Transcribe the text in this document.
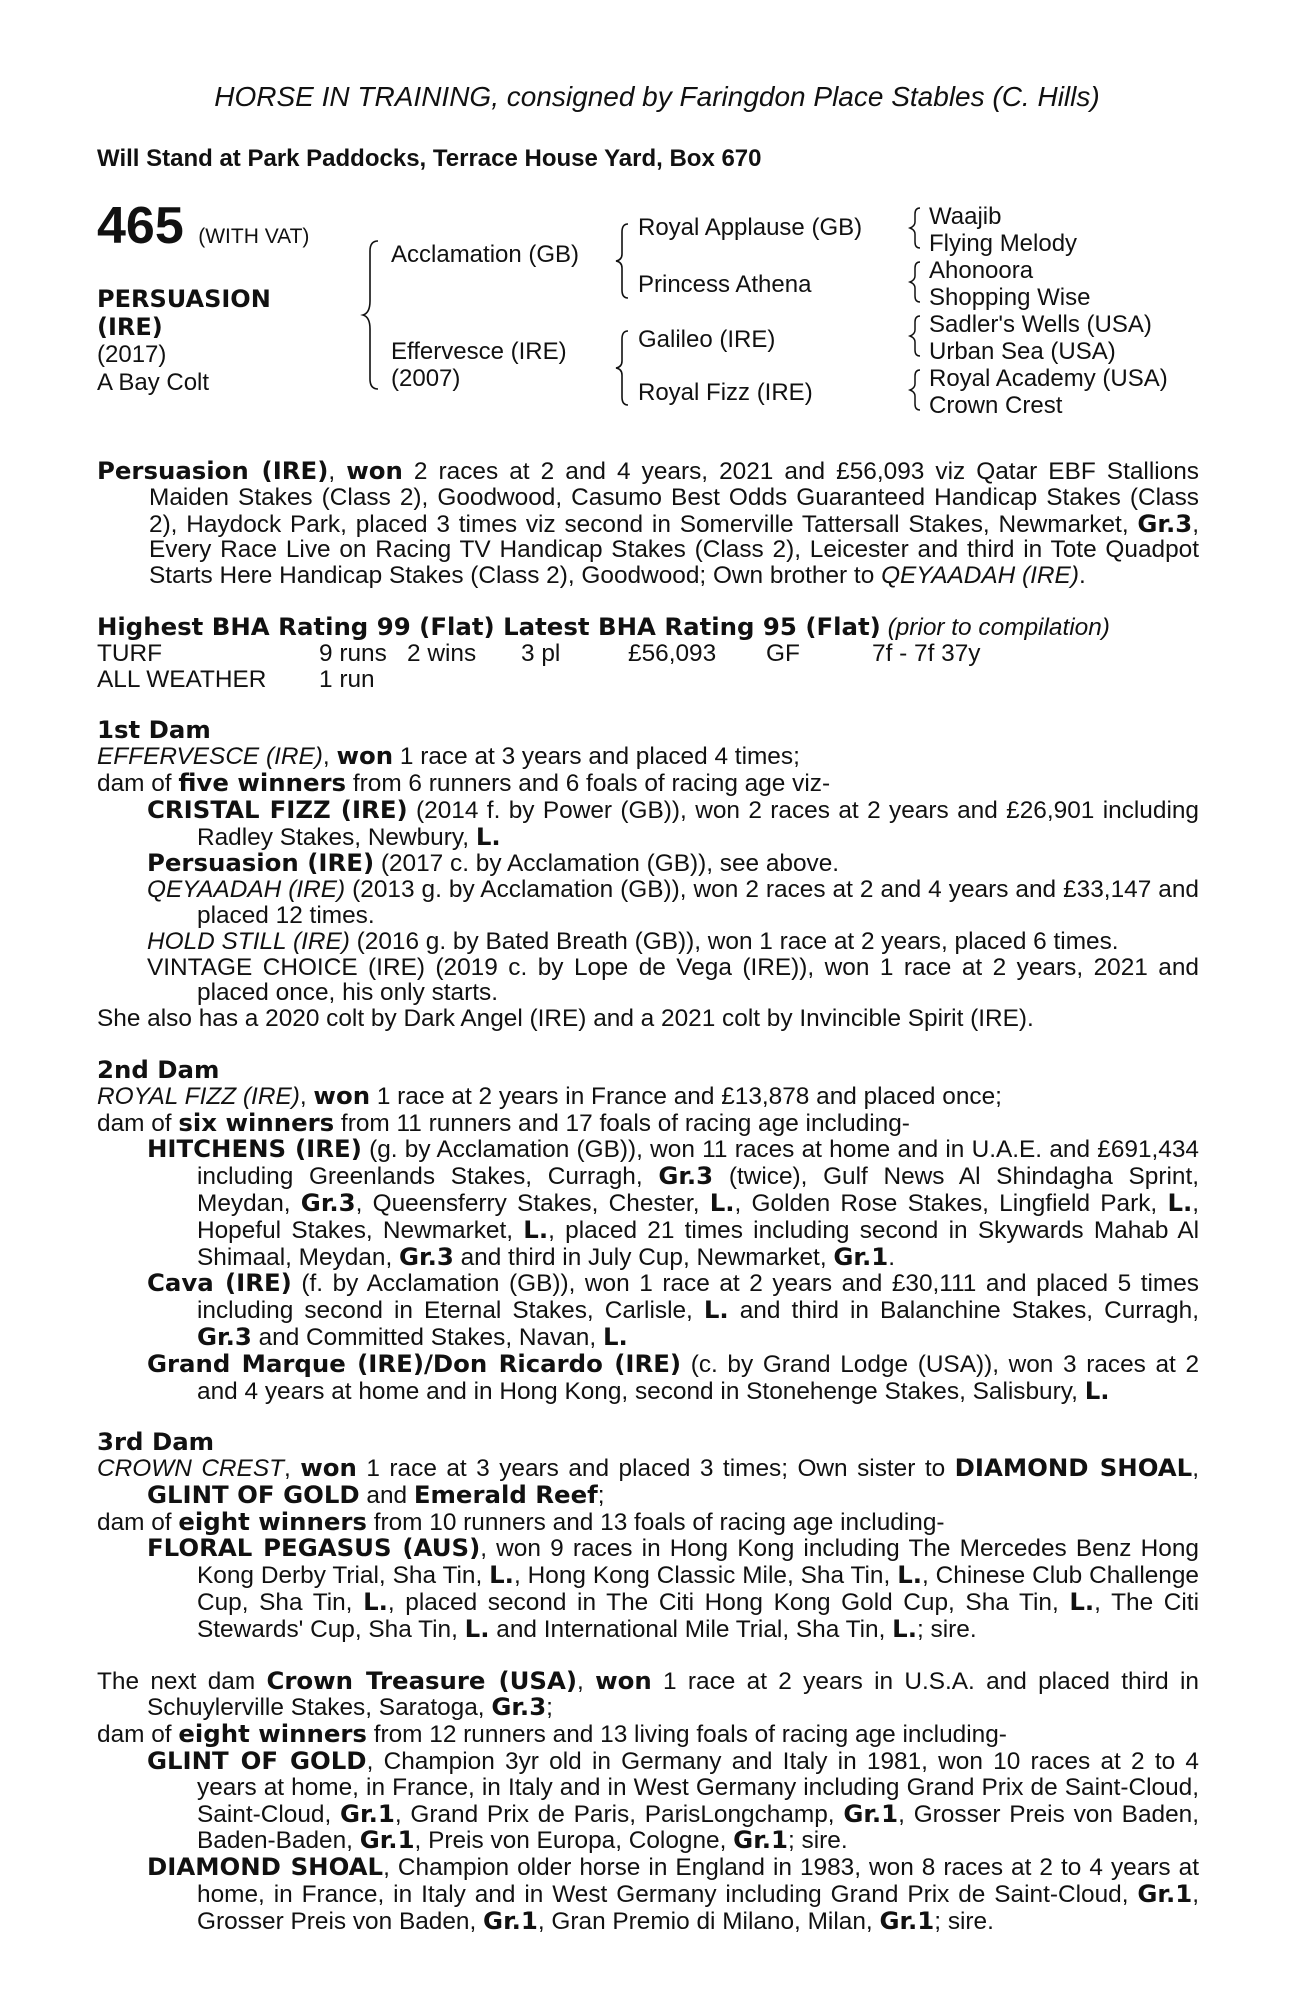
HORSE IN TRAINING, consigned by Faringdon Place Stables (C. Hills)
Will Stand at Park Paddocks, Terrace House Yard, Box 670
465 (WITH VAT)
PERSUASION
(IRE)
(2017)
A Bay Colt
Acclamation (GB)
Effervesce (IRE)
(2007)
Royal Applause (GB)
Princess Athena
Galileo (IRE)
Royal Fizz (IRE)
Waajib
Flying Melody
Ahonoora
Shopping Wise
Sadler's Wells (USA)
Urban Sea (USA)
Royal Academy (USA)
Crown Crest
Persuasion (IRE), won 2 races at 2 and 4 years, 2021 and £56,093 viz Qatar EBF Stallions Maiden Stakes (Class 2), Goodwood, Casumo Best Odds Guaranteed Handicap Stakes (Class 2), Haydock Park, placed 3 times viz second in Somerville Tattersall Stakes, Newmarket, Gr.3, Every Race Live on Racing TV Handicap Stakes (Class 2), Leicester and third in Tote Quadpot Starts Here Handicap Stakes (Class 2), Goodwood; Own brother to QEYAADAH (IRE).
Highest BHA Rating 99 (Flat) Latest BHA Rating 95 (Flat) (prior to compilation)
TURF	9 runs	2 wins	3 pl	£56,093	GF	7f - 7f 37y
ALL WEATHER	1 run					
1st Dam
EFFERVESCE (IRE), won 1 race at 3 years and placed 4 times;
dam of five winners from 6 runners and 6 foals of racing age viz-
CRISTAL FIZZ (IRE) (2014 f. by Power (GB)), won 2 races at 2 years and £26,901 including Radley Stakes, Newbury, L.
Persuasion (IRE) (2017 c. by Acclamation (GB)), see above.
QEYAADAH (IRE) (2013 g. by Acclamation (GB)), won 2 races at 2 and 4 years and £33,147 and placed 12 times.
HOLD STILL (IRE) (2016 g. by Bated Breath (GB)), won 1 race at 2 years, placed 6 times.
VINTAGE CHOICE (IRE) (2019 c. by Lope de Vega (IRE)), won 1 race at 2 years, 2021 and placed once, his only starts.
She also has a 2020 colt by Dark Angel (IRE) and a 2021 colt by Invincible Spirit (IRE).
2nd Dam
ROYAL FIZZ (IRE), won 1 race at 2 years in France and £13,878 and placed once;
dam of six winners from 11 runners and 17 foals of racing age including-
HITCHENS (IRE) (g. by Acclamation (GB)), won 11 races at home and in U.A.E. and £691,434 including Greenlands Stakes, Curragh, Gr.3 (twice), Gulf News Al Shindagha Sprint, Meydan, Gr.3, Queensferry Stakes, Chester, L., Golden Rose Stakes, Lingfield Park, L., Hopeful Stakes, Newmarket, L., placed 21 times including second in Skywards Mahab Al Shimaal, Meydan, Gr.3 and third in July Cup, Newmarket, Gr.1.
Cava (IRE) (f. by Acclamation (GB)), won 1 race at 2 years and £30,111 and placed 5 times including second in Eternal Stakes, Carlisle, L. and third in Balanchine Stakes, Curragh, Gr.3 and Committed Stakes, Navan, L.
Grand Marque (IRE)/Don Ricardo (IRE) (c. by Grand Lodge (USA)), won 3 races at 2 and 4 years at home and in Hong Kong, second in Stonehenge Stakes, Salisbury, L.
3rd Dam
CROWN CREST, won 1 race at 3 years and placed 3 times; Own sister to DIAMOND SHOAL, GLINT OF GOLD and Emerald Reef;
dam of eight winners from 10 runners and 13 foals of racing age including-
FLORAL PEGASUS (AUS), won 9 races in Hong Kong including The Mercedes Benz Hong Kong Derby Trial, Sha Tin, L., Hong Kong Classic Mile, Sha Tin, L., Chinese Club Challenge Cup, Sha Tin, L., placed second in The Citi Hong Kong Gold Cup, Sha Tin, L., The Citi Stewards' Cup, Sha Tin, L. and International Mile Trial, Sha Tin, L.; sire.
The next dam Crown Treasure (USA), won 1 race at 2 years in U.S.A. and placed third in Schuylerville Stakes, Saratoga, Gr.3;
dam of eight winners from 12 runners and 13 living foals of racing age including-
GLINT OF GOLD, Champion 3yr old in Germany and Italy in 1981, won 10 races at 2 to 4 years at home, in France, in Italy and in West Germany including Grand Prix de Saint-Cloud, Saint-Cloud, Gr.1, Grand Prix de Paris, ParisLongchamp, Gr.1, Grosser Preis von Baden, Baden-Baden, Gr.1, Preis von Europa, Cologne, Gr.1; sire.
DIAMOND SHOAL, Champion older horse in England in 1983, won 8 races at 2 to 4 years at home, in France, in Italy and in West Germany including Grand Prix de Saint-Cloud, Gr.1, Grosser Preis von Baden, Gr.1, Gran Premio di Milano, Milan, Gr.1; sire.
